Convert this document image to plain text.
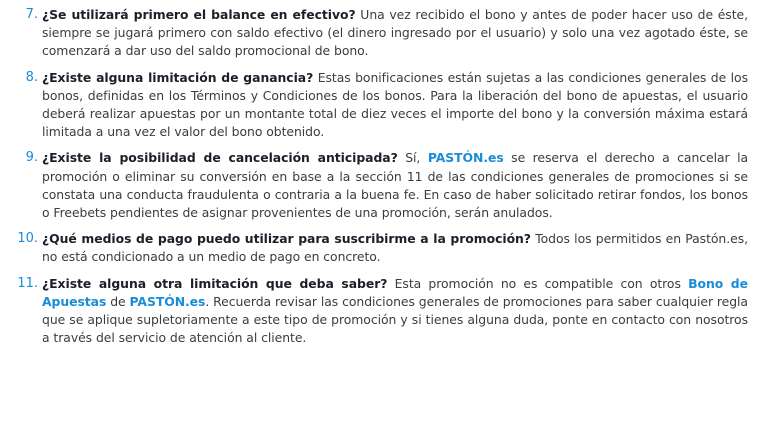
7. ¿Se utilizará primero el balance en efectivo? Una vez recibido el bono y antes de poder hacer uso de éste, siempre se jugará primero con saldo efectivo (el dinero ingresado por el usuario) y solo una vez agotado éste, se comenzará a dar uso del saldo promocional de bono.
8. ¿Existe alguna limitación de ganancia? Estas bonificaciones están sujetas a las condiciones generales de los bonos, definidas en los Términos y Condiciones de los bonos. Para la liberación del bono de apuestas, el usuario deberá realizar apuestas por un montante total de diez veces el importe del bono y la conversión máxima estará limitada a una vez el valor del bono obtenido.
9. ¿Existe la posibilidad de cancelación anticipada? Sí, PASTÓN.es se reserva el derecho a cancelar la promoción o eliminar su conversión en base a la sección 11 de las condiciones generales de promociones si se constata una conducta fraudulenta o contraria a la buena fe. En caso de haber solicitado retirar fondos, los bonos o Freebets pendientes de asignar provenientes de una promoción, serán anulados.
10. ¿Qué medios de pago puedo utilizar para suscribirme a la promoción? Todos los permitidos en Pastón.es, no está condicionado a un medio de pago en concreto.
11. ¿Existe alguna otra limitación que deba saber? Esta promoción no es compatible con otros Bono de Apuestas de PASTÓN.es. Recuerda revisar las condiciones generales de promociones para saber cualquier regla que se aplique supletoriamente a este tipo de promoción y si tienes alguna duda, ponte en contacto con nosotros a través del servicio de atención al cliente.
